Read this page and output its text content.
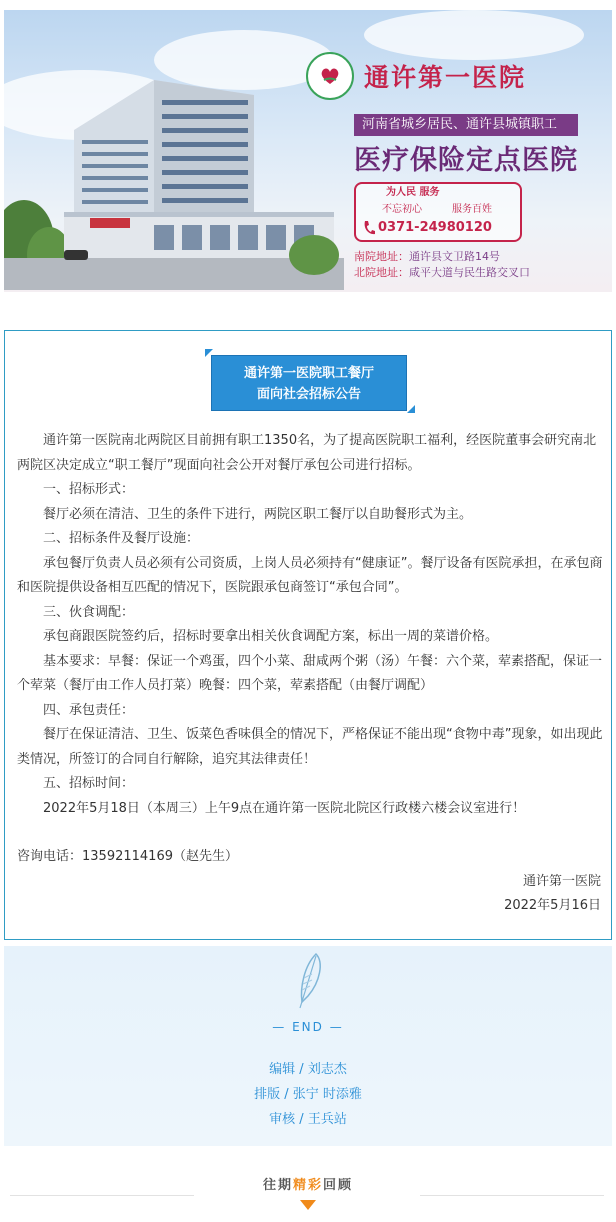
通许第一医院
河南省城乡居民、通许县城镇职工
医疗保险定点医院
为人民 服务
不忘初心	服务百姓
0371-24980120
南院地址：通许县文卫路14号
北院地址：咸平大道与民生路交叉口
通许第一医院职工餐厅
面向社会招标公告

通许第一医院南北两院区目前拥有职工1350名，为了提高医院职工福利，经医院董事会研究南北两院区决定成立“职工餐厅”现面向社会公开对餐厅承包公司进行招标。

一、招标形式：

餐厅必须在清洁、卫生的条件下进行，两院区职工餐厅以自助餐形式为主。

二、招标条件及餐厅设施：

承包餐厅负责人员必须有公司资质，上岗人员必须持有“健康证”。餐厅设备有医院承担，在承包商和医院提供设备相互匹配的情况下，医院跟承包商签订“承包合同”。

三、伙食调配：

承包商跟医院签约后，招标时要拿出相关伙食调配方案，标出一周的菜谱价格。

基本要求：早餐：保证一个鸡蛋，四个小菜、甜咸两个粥（汤）午餐：六个菜，荤素搭配，保证一个荤菜（餐厅由工作人员打菜）晚餐：四个菜，荤素搭配（由餐厅调配）

四、承包责任：

餐厅在保证清洁、卫生、饭菜色香味俱全的情况下，严格保证不能出现“食物中毒”现象，如出现此类情况，所签订的合同自行解除，追究其法律责任！

五、招标时间：

2022年5月18日（本周三）上午9点在通许第一医院北院区行政楼六楼会议室进行！

咨询电话：13592114169（赵先生）

通许第一医院

2022年5月16日

— END —
编辑 / 刘志杰
排版 / 张宁 时添雅
审核 / 王兵站
往期精彩回顾
